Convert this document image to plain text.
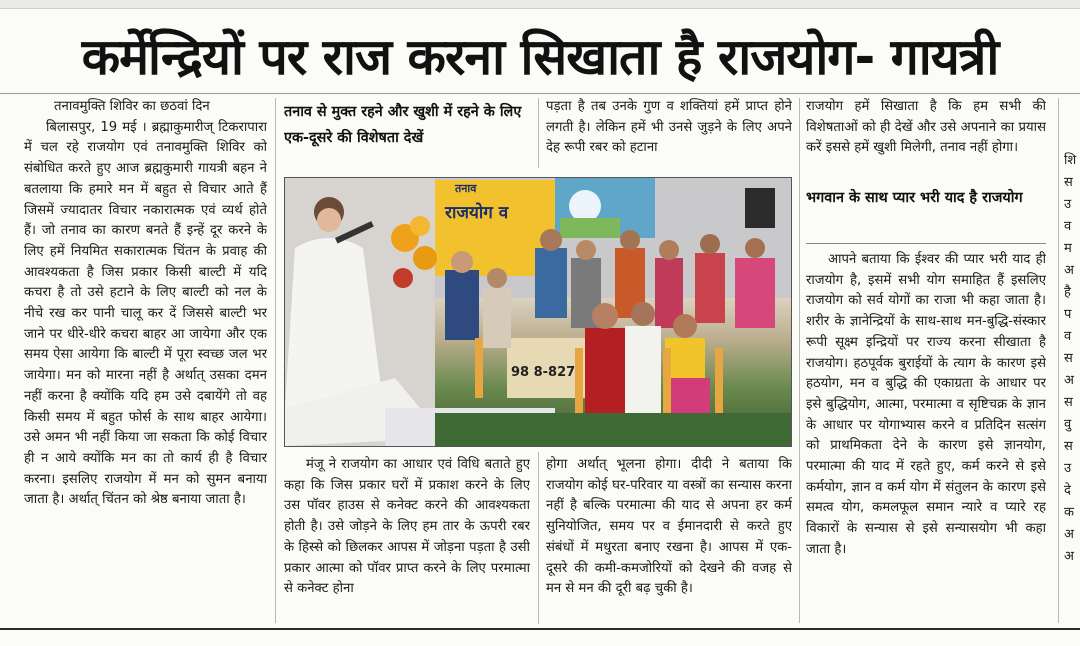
कर्मेन्द्रियों पर राज करना सिखाता है राजयोग- गायत्री

तनावमुक्ति शिविर का छठवां दिन

बिलासपुर, 19 मई । ब्रह्माकुमारीज् टिकरापारा में चल रहे राजयोग एवं तनावमुक्ति शिविर को संबोधित करते हुए आज ब्रह्मकुमारी गायत्री बहन ने बतलाया कि हमारे मन में बहुत से विचार आते हैं जिसमें ज्यादातर विचार नकारात्मक एवं व्यर्थ होते हैं। जो तनाव का कारण बनते हैं इन्हें दूर करने के लिए हमें नियमित सकारात्मक चिंतन के प्रवाह की आवश्यकता है जिस प्रकार किसी बाल्टी में यदि कचरा है तो उसे हटाने के लिए बाल्टी को नल के नीचे रख कर पानी चालू कर दें जिससे बाल्टी भर जाने पर धीरे-धीरे कचरा बाहर आ जायेगा और एक समय ऐसा आयेगा कि बाल्टी में पूरा स्वच्छ जल भर जायेगा। मन को मारना नहीं है अर्थात् उसका दमन नहीं करना है क्योंकि यदि हम उसे दबायेंगे तो वह किसी समय में बहुत फोर्स के साथ बाहर आयेगा। उसे अमन भी नहीं किया जा सकता कि कोई विचार ही न आये क्योंकि मन का तो कार्य ही है विचार करना। इसलिए राजयोग में मन को सुमन बनाया जाता है। अर्थात् चिंतन को श्रेष्ठ बनाया जाता है।

तनाव से मुक्त रहने और खुशी में रहने के लिए एक-दूसरे की विशेषता देखें

पड़ता है तब उनके गुण व शक्तियां हमें प्राप्त होने लगती है। लेकिन हमें भी उनसे जुड़ने के लिए अपने देह रूपी रबर को हटाना

राजयोग हमें सिखाता है कि हम सभी की विशेषताओं को ही देखें और उसे अपनाने का प्रयास करें इससे हमें खुशी मिलेगी, तनाव नहीं होगा।

भगवान के साथ प्यार भरी याद है राजयोग

आपने बताया कि ईश्वर की प्यार भरी याद ही राजयोग है, इसमें सभी योग समाहित हैं इसलिए राजयोग को सर्व योगों का राजा भी कहा जाता है। शरीर के ज्ञानेन्द्रियों के साथ-साथ मन-बुद्धि-संस्कार रूपी सूक्ष्म इन्द्रियों पर राज्य करना सीखाता है राजयोग। हठपूर्वक बुराईयों के त्याग के कारण इसे हठयोग, मन व बुद्धि की एकाग्रता के आधार पर इसे बुद्धियोग, आत्मा, परमात्मा व सृष्टिचक्र के ज्ञान के आधार पर योगाभ्यास करने व प्रतिदिन सत्संग को प्राथमिकता देने के कारण इसे ज्ञानयोग, परमात्मा की याद में रहते हुए, कर्म करने से इसे कर्मयोग, ज्ञान व कर्म योग में संतुलन के कारण इसे समत्व योग, कमलफूल समान न्यारे व प्यारे रह विकारों के सन्यास से इसे सन्यासयोग भी कहा जाता है।

राजयोग व
तनाव
98 8-827

मंजू ने राजयोग का आधार एवं विधि बताते हुए कहा कि जिस प्रकार घरों में प्रकाश करने के लिए उस पॉवर हाउस से कनेक्ट करने की आवश्यकता होती है। उसे जोड़ने के लिए हम तार के ऊपरी रबर के हिस्से को छिलकर आपस में जोड़ना पड़ता है उसी प्रकार आत्मा को पॉवर प्राप्त करने के लिए परमात्मा से कनेक्ट होना

होगा अर्थात् भूलना होगा। दीदी ने बताया कि राजयोग कोई घर-परिवार या वस्त्रों का सन्यास करना नहीं है बल्कि परमात्मा की याद से अपना हर कर्म सुनियोजित, समय पर व ईमानदारी से करते हुए संबंधों में मधुरता बनाए रखना है। आपस में एक-दूसरे की कमी-कमजोरियों को देखने की वजह से मन से मन की दूरी बढ़ चुकी है।

शि स उ व म अ है प व स अ स वु स उ दे क अ अ
